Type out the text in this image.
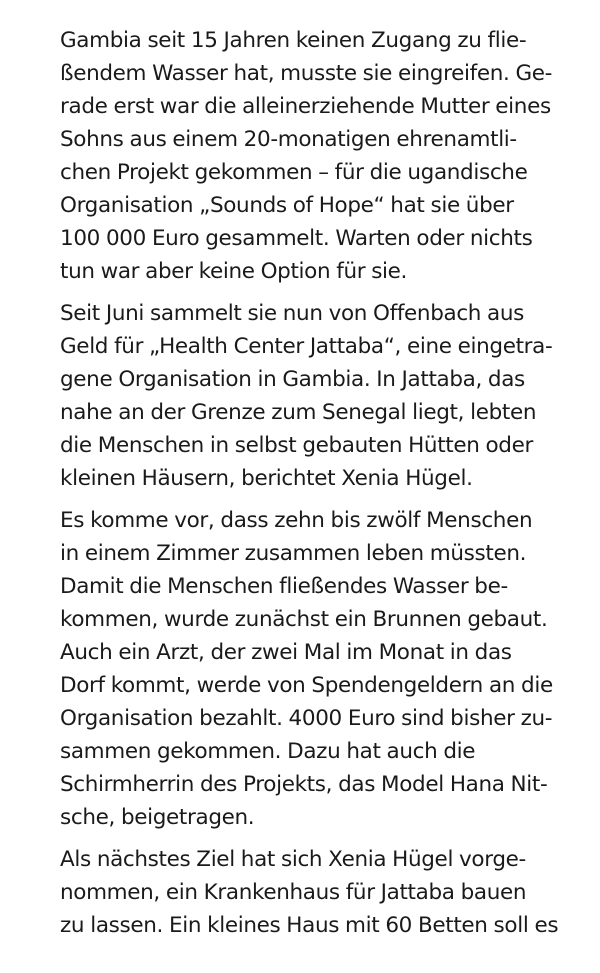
Gambia seit 15 Jahren keinen Zugang zu flie-
ßendem Wasser hat, musste sie eingreifen. Ge-
rade erst war die alleinerziehende Mutter eines
Sohns aus einem 20-monatigen ehrenamtli-
chen Projekt gekommen – für die ugandische
Organisation „Sounds of Hope“ hat sie über
100 000 Euro gesammelt. Warten oder nichts
tun war aber keine Option für sie.

Seit Juni sammelt sie nun von Offenbach aus
Geld für „Health Center Jattaba“, eine eingetra-
gene Organisation in Gambia. In Jattaba, das
nahe an der Grenze zum Senegal liegt, lebten
die Menschen in selbst gebauten Hütten oder
kleinen Häusern, berichtet Xenia Hügel.

Es komme vor, dass zehn bis zwölf Menschen
in einem Zimmer zusammen leben müssten.
Damit die Menschen fließendes Wasser be-
kommen, wurde zunächst ein Brunnen gebaut.
Auch ein Arzt, der zwei Mal im Monat in das
Dorf kommt, werde von Spendengeldern an die
Organisation bezahlt. 4000 Euro sind bisher zu-
sammen gekommen. Dazu hat auch die
Schirmherrin des Projekts, das Model Hana Nit-
sche, beigetragen.

Als nächstes Ziel hat sich Xenia Hügel vorge-
nommen, ein Krankenhaus für Jattaba bauen
zu lassen. Ein kleines Haus mit 60 Betten soll es
